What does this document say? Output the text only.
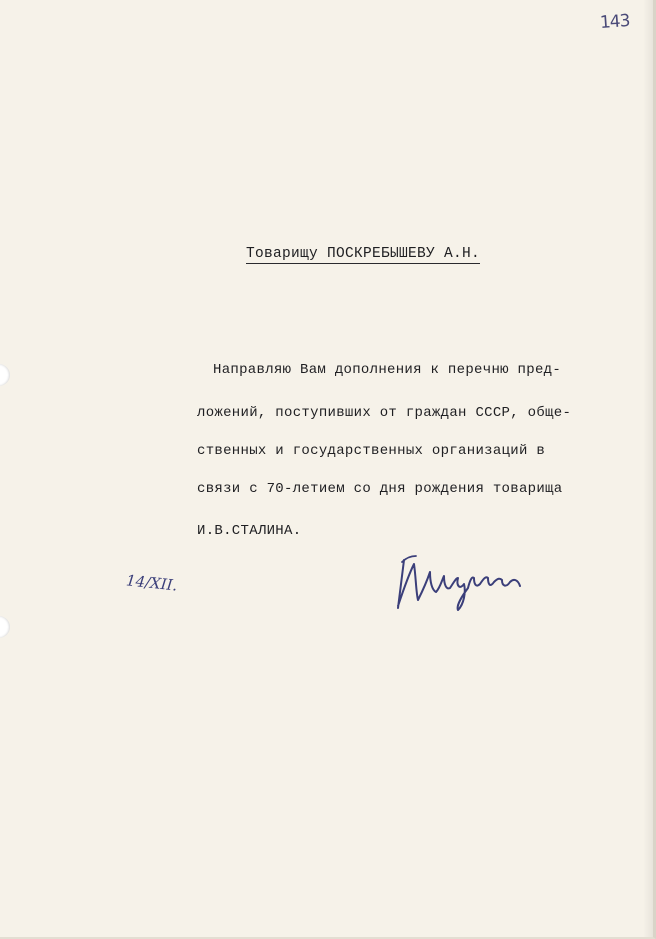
143
Товарищу ПОСКРЕБЫШЕВУ А.Н.
Направляю Вам дополнения к перечню пред-
ложений, поступивших от граждан СССР, обще-
ственных и государственных организаций в
связи с 70-летием со дня рождения товарища
И.В.СТАЛИНА.
14/XII.
